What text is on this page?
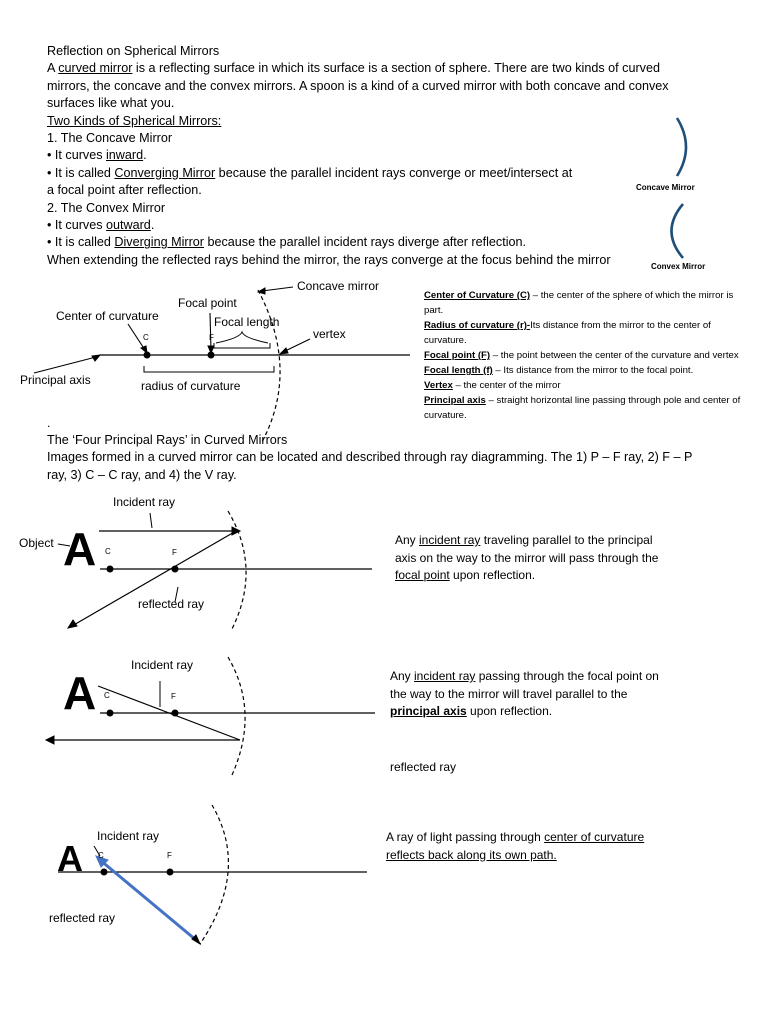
Reflection on Spherical Mirrors
A curved mirror is a reflecting surface in which its surface is a section of sphere. There are two kinds of curved
mirrors, the concave and the convex mirrors. A spoon is a kind of a curved mirror with both concave and convex
surfaces like what you.
Two Kinds of Spherical Mirrors:
1. The Concave Mirror
• It curves inward.
• It is called Converging Mirror because the parallel incident rays converge or meet/intersect at
a focal point after reflection.
2. The Convex Mirror
• It curves outward.
• It is called Diverging Mirror because the parallel incident rays diverge after reflection.
When extending the reflected rays behind the mirror, the rays converge at the focus behind the mirror
Concave Mirror
Convex Mirror
Concave mirror
Focal point
Center of curvature	Focal length
vertex
Principal axis	radius of curvature
C	F
.
Center of Curvature (C) – the center of the sphere of which the mirror is part.
Radius of curvature (r)-Its distance from the mirror to the center of curvature.
Focal point (F) – the point between the center of the curvature and vertex
Focal length (f) – Its distance from the mirror to the focal point.
Vertex – the center of the mirror
Principal axis – straight horizontal line passing through pole and center of curvature.
The ‘Four Principal Rays’ in Curved Mirrors
Images formed in a curved mirror can be located and described through ray diagramming. The 1) P – F ray, 2) F – P
ray, 3) C – C ray, and 4) the V ray.
Incident ray
Object A C	F
reflected ray
Any incident ray traveling parallel to the principal
axis on the way to the mirror will pass through the
focal point upon reflection.
Incident ray
A C	F
Any incident ray passing through the focal point on
the way to the mirror will travel parallel to the
principal axis upon reflection.
reflected ray
Incident ray
A C	F
reflected ray
A ray of light passing through center of curvature
reflects back along its own path.
